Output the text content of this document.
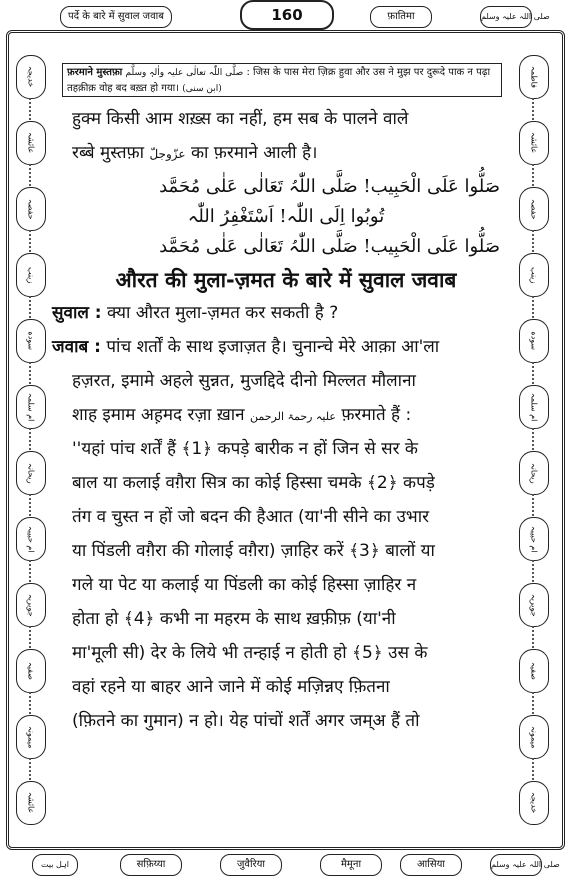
पर्दे के बारे में सुवाल जवाब	160	फ़ातिमा	صلی اللہ علیہ وسلم
خدیجہ
عائشہ
حفصہ
زینب
سودہ
ام سلمہ
ریحانہ
ام حبیبہ
جویریہ
صفیہ
میمونہ
عائشہ
فاطمہ
عائشہ
حفصہ
زینب
سودہ
ام سلمہ
ریحانہ
ام حبیبہ
جویریہ
صفیہ
میمونہ
خدیجہ
फ़रमाने मुस्तफ़ा صلَّی اللّٰہ تعالٰی علیہ واٰلہٖ وسلَّم : जिस के पास मेरा ज़िक्र हुवा और उस ने मुझ पर दुरूदे पाक न पढ़ा
तहक़ीक़ वोह बद बख़्त हो गया। (ابن سنی)
हुक्म किसी आम शख़्स का नहीं, हम सब के पालने वाले
रब्बे मुस्तफ़ा عزّوجلّ का फ़रमाने आली है।
صَلُّوا عَلَی الْحَبِیب! صَلَّی اللّٰہُ تَعَالٰی عَلٰی مُحَمَّد
تُوبُوا اِلَی اللّٰہ! اَسْتَغْفِرُ اللّٰہ
صَلُّوا عَلَی الْحَبِیب! صَلَّی اللّٰہُ تَعَالٰی عَلٰی مُحَمَّد
औरत की मुला-ज़मत के बारे में सुवाल जवाब
सुवाल : क्या औरत मुला-ज़मत कर सकती है ?
जवाब : पांच शर्तों के साथ इजाज़त है। चुनान्चे मेरे आक़ा आ'ला
हज़रत, इमामे अहले सुन्नत, मुजद्दिदे दीनो मिल्लत मौलाना
शाह इमाम अह़मद रज़ा ख़ान علیہ رحمۃ الرحمن फ़रमाते हैं :
''यहां पांच शर्तें हैं ﴾1﴿ कपड़े बारीक न हों जिन से सर के
बाल या कलाई वग़ैरा सित्र का कोई हिस्सा चमके ﴾2﴿ कपड़े
तंग व चुस्त न हों जो बदन की हैआत (या'नी सीने का उभार
या पिंडली वग़ैरा की गोलाई वग़ैरा) ज़ाहिर करें ﴾3﴿ बालों या
गले या पेट या कलाई या पिंडली का कोई हिस्सा ज़ाहिर न
होता हो ﴾4﴿ कभी ना महरम के साथ ख़फ़ीफ़ (या'नी
मा'मूली सी) देर के लिये भी तन्हाई न होती हो ﴾5﴿ उस के
वहां रहने या बाहर आने जाने में कोई मज़िन्नए फ़ितना
(फ़ितने का गुमान) न हो। येह पांचों शर्तें अगर जम्अ हैं तो
اہل بیت	सफ़िय्या	जुवैरिया	मैमूना	आसिया	صلی اللہ علیہ وسلم
